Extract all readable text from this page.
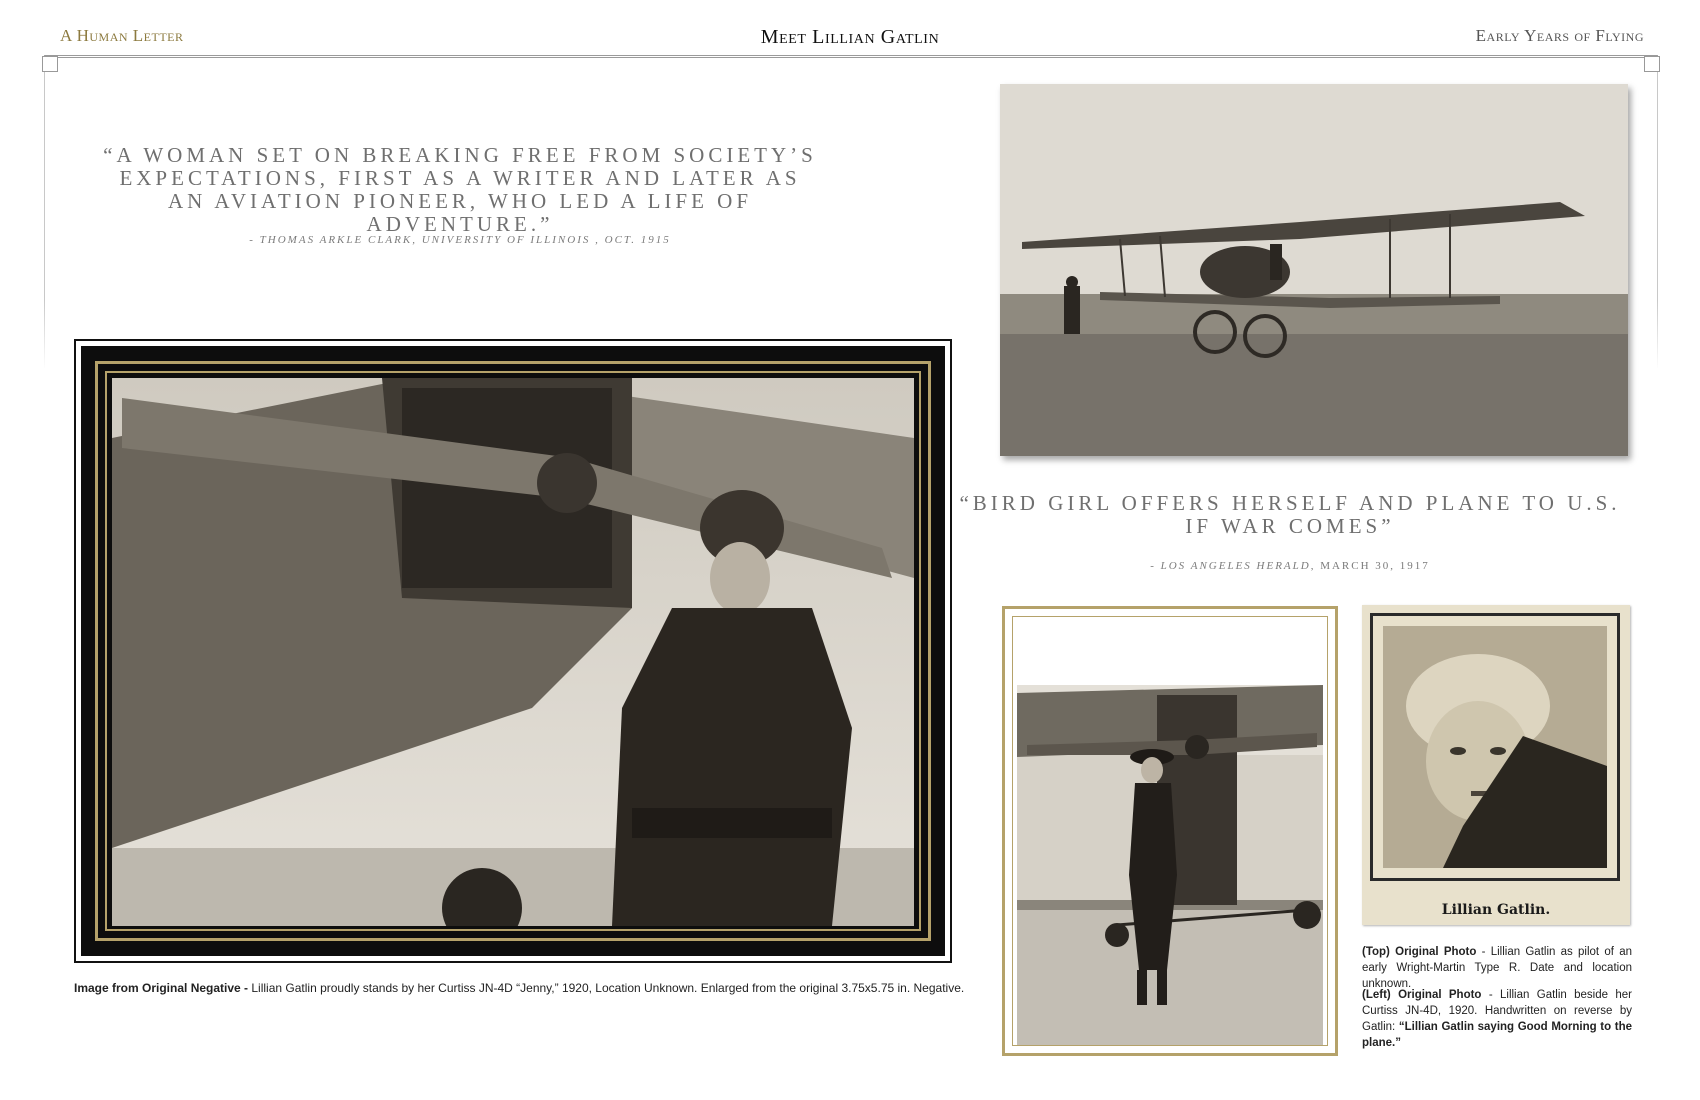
A Human Letter	Meet Lillian Gatlin	Early Years of Flying
“A WOMAN SET ON BREAKING FREE FROM SOCIETY’S EXPECTATIONS, FIRST AS A WRITER AND LATER AS AN AVIATION PIONEER, WHO LED A LIFE OF ADVENTURE.”
- THOMAS ARKLE CLARK, UNIVERSITY OF ILLINOIS , OCT. 1915
Image from Original Negative - Lillian Gatlin proudly stands by her Curtiss JN-4D “Jenny,” 1920, Location Unknown. Enlarged from the original 3.75x5.75 in. Negative.
“BIRD GIRL OFFERS HERSELF AND PLANE TO U.S. IF WAR COMES”
- LOS ANGELES HERALD, MARCH 30, 1917
Lillian Gatlin.
(Top) Original Photo - Lillian Gatlin as pilot of an early Wright-Martin Type R. Date and location unknown.
(Left) Original Photo - Lillian Gatlin beside her Curtiss JN-4D, 1920. Handwritten on reverse by Gatlin: “Lillian Gatlin saying Good Morning to the plane.”
